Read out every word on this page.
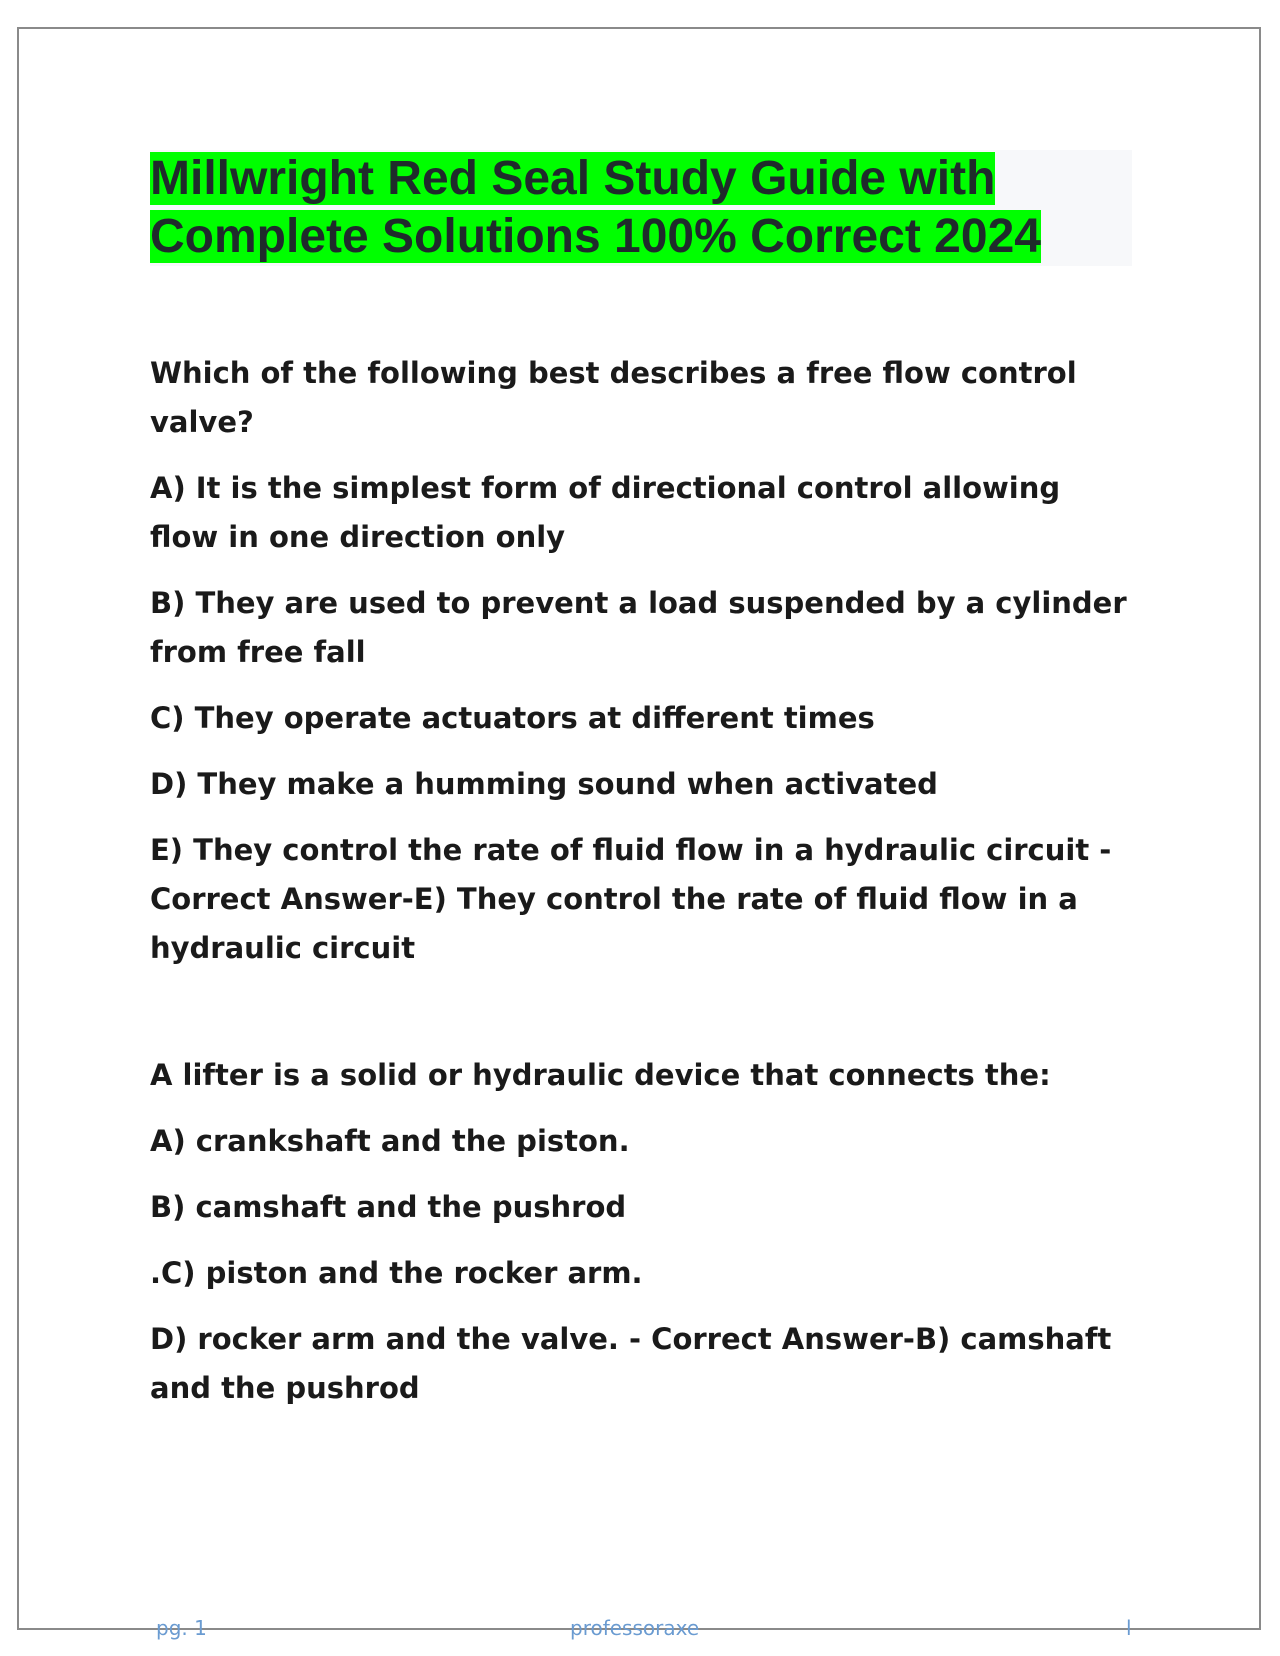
Millwright Red Seal Study Guide with
Complete Solutions 100% Correct 2024

Which of the following best describes a free flow control valve?

A) It is the simplest form of directional control allowing flow in one direction only

B) They are used to prevent a load suspended by a cylinder from free fall

C) They operate actuators at different times

D) They make a humming sound when activated

E) They control the rate of fluid flow in a hydraulic circuit - Correct Answer-E) They control the rate of fluid flow in a hydraulic circuit

A lifter is a solid or hydraulic device that connects the:

A) crankshaft and the piston.

B) camshaft and the pushrod

.C) piston and the rocker arm.

D) rocker arm and the valve. - Correct Answer-B) camshaft and the pushrod

pg. 1	professoraxe	l
